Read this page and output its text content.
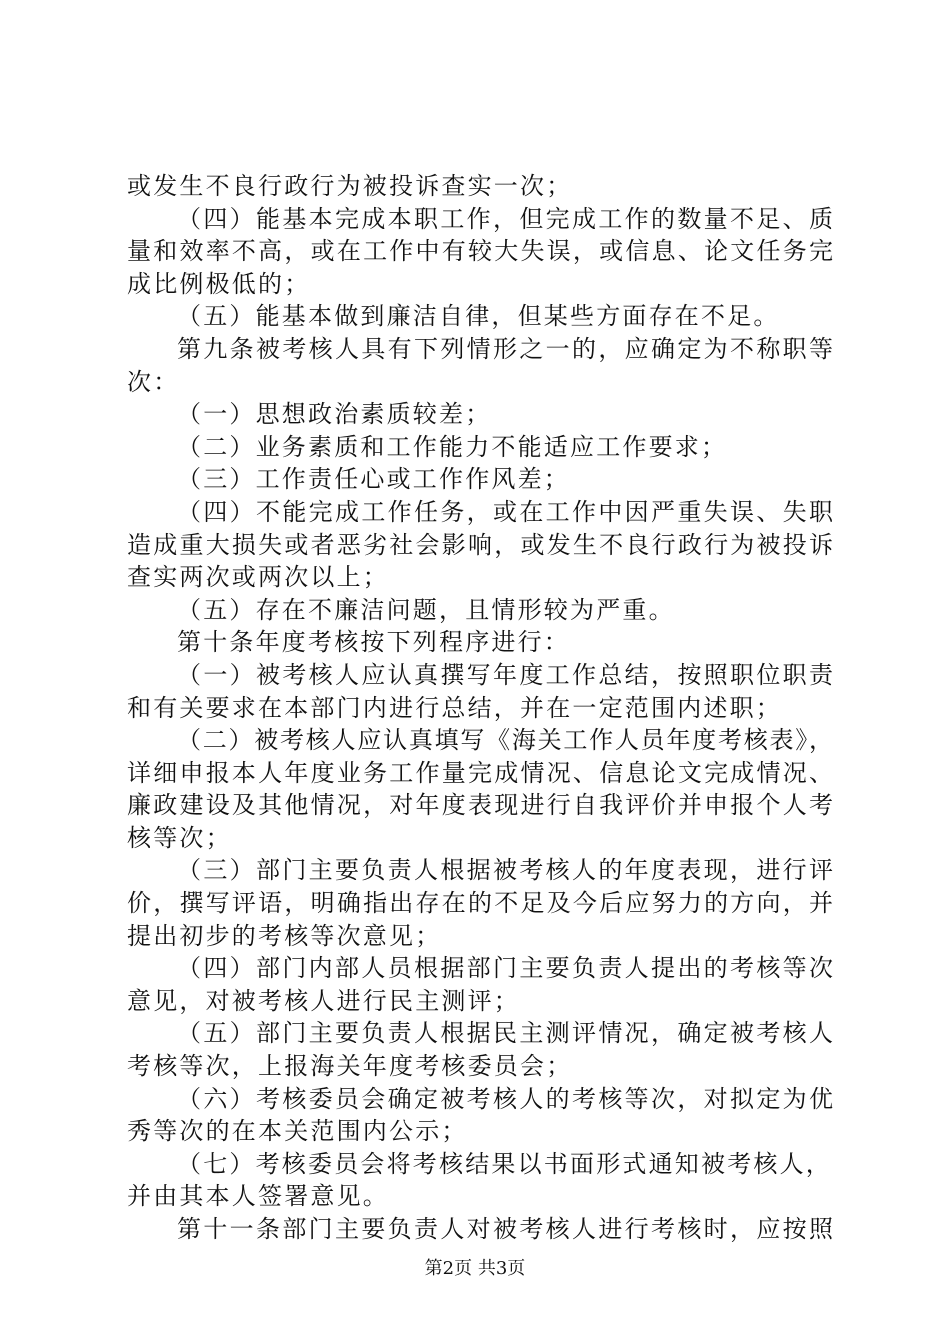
或发生不良行政行为被投诉查实一次；
（四）能基本完成本职工作，但完成工作的数量不足、质
量和效率不高，或在工作中有较大失误，或信息、论文任务完
成比例极低的；
（五）能基本做到廉洁自律，但某些方面存在不足。
第九条被考核人具有下列情形之一的，应确定为不称职等
次：
（一）思想政治素质较差；
（二）业务素质和工作能力不能适应工作要求；
（三）工作责任心或工作作风差；
（四）不能完成工作任务，或在工作中因严重失误、失职
造成重大损失或者恶劣社会影响，或发生不良行政行为被投诉
查实两次或两次以上；
（五）存在不廉洁问题，且情形较为严重。
第十条年度考核按下列程序进行：
（一）被考核人应认真撰写年度工作总结，按照职位职责
和有关要求在本部门内进行总结，并在一定范围内述职；
（二）被考核人应认真填写《海关工作人员年度考核表》，
详细申报本人年度业务工作量完成情况、信息论文完成情况、
廉政建设及其他情况，对年度表现进行自我评价并申报个人考
核等次；
（三）部门主要负责人根据被考核人的年度表现，进行评
价，撰写评语，明确指出存在的不足及今后应努力的方向，并
提出初步的考核等次意见；
（四）部门内部人员根据部门主要负责人提出的考核等次
意见，对被考核人进行民主测评；
（五）部门主要负责人根据民主测评情况，确定被考核人
考核等次，上报海关年度考核委员会；
（六）考核委员会确定被考核人的考核等次，对拟定为优
秀等次的在本关范围内公示；
（七）考核委员会将考核结果以书面形式通知被考核人，
并由其本人签署意见。
第十一条部门主要负责人对被考核人进行考核时，应按照
第2页 共3页
